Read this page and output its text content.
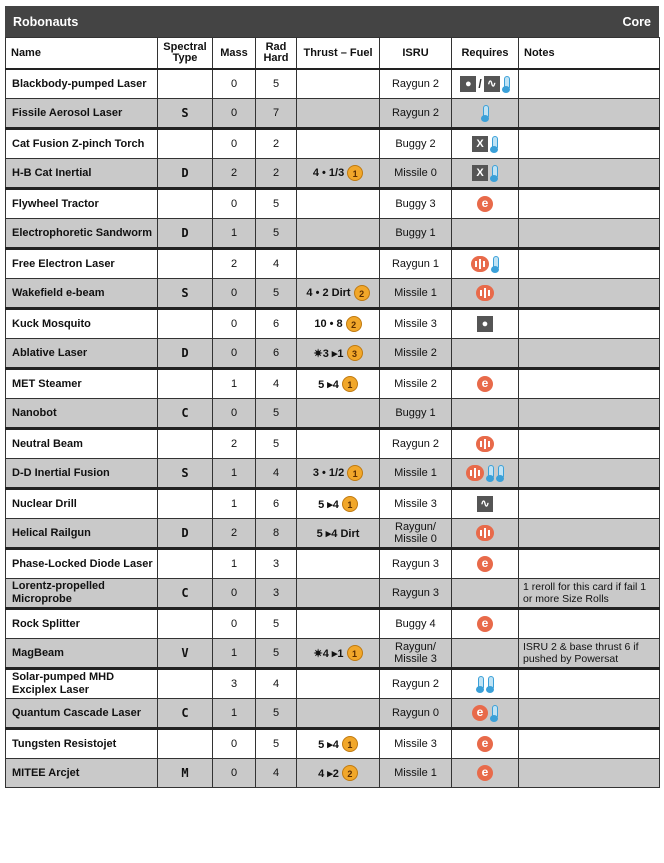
Robonauts	Core
Name	Spectral Type	Mass	Rad Hard	Thrust – Fuel	ISRU	Requires	Notes
Blackbody-pumped Laser		0	5		Raygun 2	● / ∿	

Fissile Aerosol Laser	S	0	7		Raygun 2	

Cat Fusion Z-pinch Torch		0	2		Buggy 2	X	

H-B Cat Inertial	D	2	2	4 • 1/3 1	Missile 0	X	

Flywheel Tractor		0	5		Buggy 3	e	

Electrophoretic Sandworm	D	1	5		Buggy 1	

Free Electron Laser		2	4		Raygun 1	

Wakefield e-beam	S	0	5	4 • 2 Dirt 2	Missile 1	

Kuck Mosquito		0	6	10 • 8 2	Missile 3	●	

Ablative Laser	D	0	6	✷3 ▸1 3	Missile 2	

MET Steamer		1	4	5 ▸4 1	Missile 2	e	

Nanobot	C	0	5		Buggy 1	

Neutral Beam		2	5		Raygun 2	

D-D Inertial Fusion	S	1	4	3 • 1/2 1	Missile 1	

Nuclear Drill		1	6	5 ▸4 1	Missile 3	∿	

Helical Railgun	D	2	8	5 ▸4 Dirt	Raygun/ Missile 0	

Phase-Locked Diode Laser		1	3		Raygun 3	e	

Lorentz-propelled Microprobe	C	0	3		Raygun 3		1 reroll for this card if fail 1 or more Size Rolls
Rock Splitter		0	5		Buggy 4	e	

MagBeam	V	1	5	✷4 ▸1 1	Raygun/ Missile 3		ISRU 2 & base thrust 6 if pushed by Powersat
Solar-pumped MHD Exciplex Laser		3	4		Raygun 2	

Quantum Cascade Laser	C	1	5		Raygun 0	e	

Tungsten Resistojet		0	5	5 ▸4 1	Missile 3	e	

MITEE Arcjet	M	0	4	4 ▸2 2	Missile 1	e	
